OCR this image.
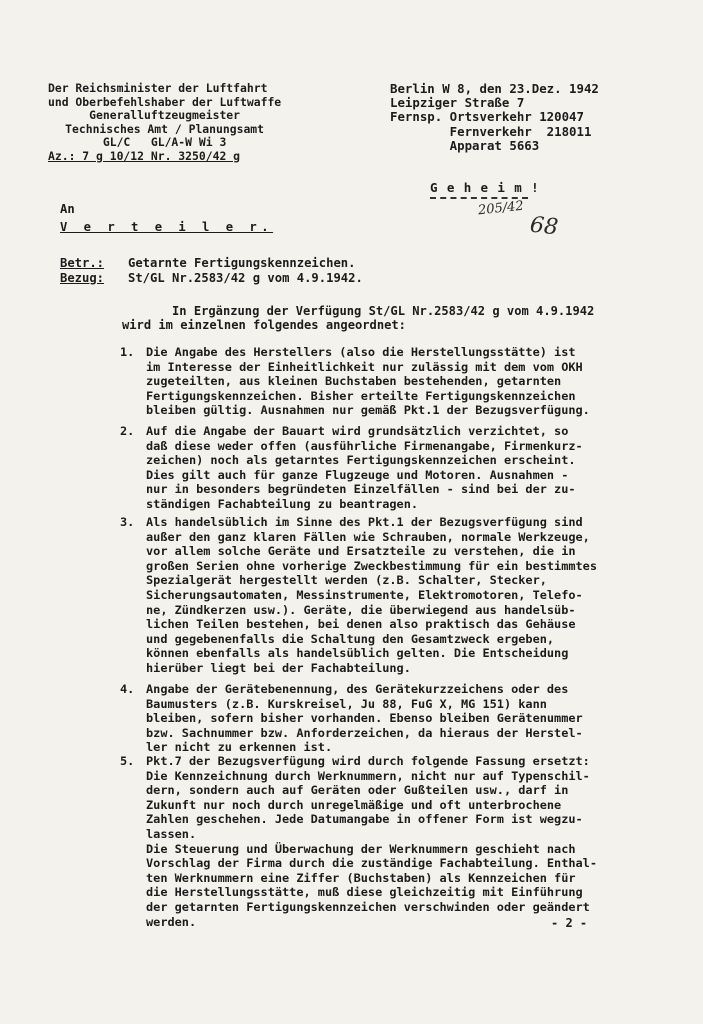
Der Reichsminister der Luftfahrt
und Oberbefehlshaber der Luftwaffe
Generalluftzeugmeister
Technisches Amt / Planungsamt
GL/C   GL/A-W Wi 3
Az.: 7 g 10/12 Nr. 3250/42 g
Berlin W 8, den 23.Dez. 1942
Leipziger Straße 7
Fernsp. Ortsverkehr 120047
Fernverkehr  218011
Apparat 5663
G e h e i m !
205/42
68
An
V e r t e i l e r.
Betr.:	Getarnte Fertigungskennzeichen.
Bezug:	St/GL Nr.2583/42 g vom 4.9.1942.
In Ergänzung der Verfügung St/GL Nr.2583/42 g vom 4.9.1942
wird im einzelnen folgendes angeordnet:
1. Die Angabe des Herstellers (also die Herstellungsstätte) ist
im Interesse der Einheitlichkeit nur zulässig mit dem vom OKH
zugeteilten, aus kleinen Buchstaben bestehenden, getarnten
Fertigungskennzeichen. Bisher erteilte Fertigungskennzeichen
bleiben gültig. Ausnahmen nur gemäß Pkt.1 der Bezugsverfügung.
2. Auf die Angabe der Bauart wird grundsätzlich verzichtet, so
daß diese weder offen (ausführliche Firmenangabe, Firmenkurz-
zeichen) noch als getarntes Fertigungskennzeichen erscheint.
Dies gilt auch für ganze Flugzeuge und Motoren. Ausnahmen -
nur in besonders begründeten Einzelfällen - sind bei der zu-
ständigen Fachabteilung zu beantragen.
3. Als handelsüblich im Sinne des Pkt.1 der Bezugsverfügung sind
außer den ganz klaren Fällen wie Schrauben, normale Werkzeuge,
vor allem solche Geräte und Ersatzteile zu verstehen, die in
großen Serien ohne vorherige Zweckbestimmung für ein bestimmtes
Spezialgerät hergestellt werden (z.B. Schalter, Stecker,
Sicherungsautomaten, Messinstrumente, Elektromotoren, Telefo-
ne, Zündkerzen usw.). Geräte, die überwiegend aus handelsüb-
lichen Teilen bestehen, bei denen also praktisch das Gehäuse
und gegebenenfalls die Schaltung den Gesamtzweck ergeben,
können ebenfalls als handelsüblich gelten. Die Entscheidung
hierüber liegt bei der Fachabteilung.
4. Angabe der Gerätebenennung, des Gerätekurzzeichens oder des
Baumusters (z.B. Kurskreisel, Ju 88, FuG X, MG 151) kann
bleiben, sofern bisher vorhanden. Ebenso bleiben Gerätenummer
bzw. Sachnummer bzw. Anforderzeichen, da hieraus der Herstel-
ler nicht zu erkennen ist.
5. Pkt.7 der Bezugsverfügung wird durch folgende Fassung ersetzt:
Die Kennzeichnung durch Werknummern, nicht nur auf Typenschil-
dern, sondern auch auf Geräten oder Gußteilen usw., darf in
Zukunft nur noch durch unregelmäßige und oft unterbrochene
Zahlen geschehen. Jede Datumangabe in offener Form ist wegzu-
lassen.
Die Steuerung und Überwachung der Werknummern geschieht nach
Vorschlag der Firma durch die zuständige Fachabteilung. Enthal-
ten Werknummern eine Ziffer (Buchstaben) als Kennzeichen für
die Herstellungsstätte, muß diese gleichzeitig mit Einführung
der getarnten Fertigungskennzeichen verschwinden oder geändert
werden.	- 2 -
